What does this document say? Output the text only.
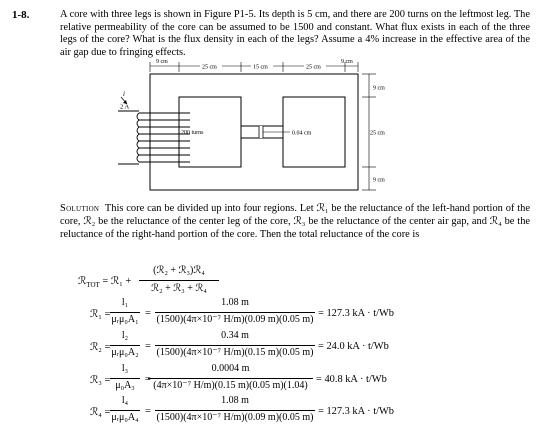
1-8.	A core with three legs is shown in Figure P1-5. Its depth is 5 cm, and there are 200 turns on the leftmost leg. The relative permeability of the core can be assumed to be 1500 and constant. What flux exists in each of the three legs of the core? What is the flux density in each of the legs? Assume a 4% increase in the effective area of the air gap due to fringing effects.
9 cm
25 cm	15 cm	25 cm
9 cm
9 cm
25 cm
9 cm
i
2 A
200 turns	0.04 cm
Solution This core can be divided up into four regions. Let ℛ₁ be the reluctance of the left-hand portion of the core, ℛ₂ be the reluctance of the center leg of the core, ℛ₃ be the reluctance of the center air gap, and ℛ₄ be the reluctance of the right-hand portion of the core. Then the total reluctance of the core is
ℛ$_{TOT}$ = ℛ₁ +
(ℛ₂ + ℛ₃)ℛ₄
ℛ₂ + ℛ₃ + ℛ₄
ℛ₁ =
l₁
μᵣμ₀A₁
=
1.08 m
(1500)(4π×10⁻⁷ H/m)(0.09 m)(0.05 m)
= 127.3 kA · t/Wb
ℛ₂ =
l₂
μᵣμ₀A₂
=
0.34 m
(1500)(4π×10⁻⁷ H/m)(0.15 m)(0.05 m)
= 24.0 kA · t/Wb
ℛ₃ =
l₃
μ₀A₃
=
0.0004 m
(4π×10⁻⁷ H/m)(0.15 m)(0.05 m)(1.04)
= 40.8 kA · t/Wb
ℛ₄ =
l₄
μᵣμ₀A₄
=
1.08 m
(1500)(4π×10⁻⁷ H/m)(0.09 m)(0.05 m)
= 127.3 kA · t/Wb
